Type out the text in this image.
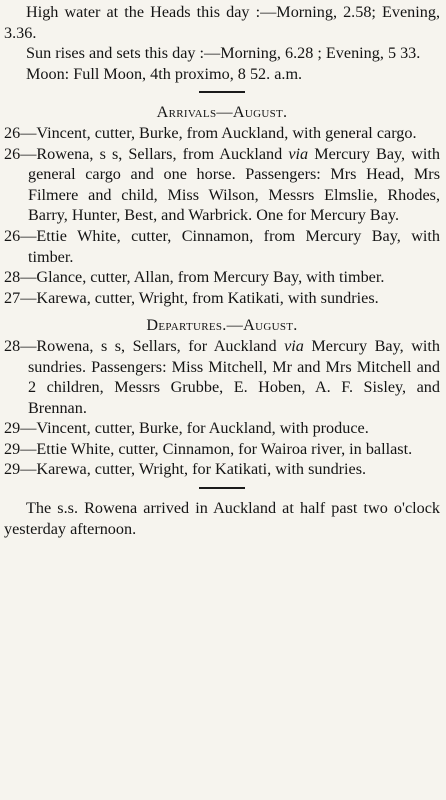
High water at the Heads this day :—Morning, 2.58; Evening, 3.36.

Sun rises and sets this day :—Morning, 6.28 ; Evening, 5 33.

Moon: Full Moon, 4th proximo, 8 52. a.m.

Arrivals—August.

26—Vincent, cutter, Burke, from Auckland, with general cargo.

26—Rowena, s s, Sellars, from Auckland via Mercury Bay, with general cargo and one horse. Passengers: Mrs Head, Mrs Filmere and child, Miss Wilson, Messrs Elmslie, Rhodes, Barry, Hunter, Best, and Warbrick. One for Mercury Bay.

26—Ettie White, cutter, Cinnamon, from Mercury Bay, with timber.

28—Glance, cutter, Allan, from Mercury Bay, with timber.

27—Karewa, cutter, Wright, from Katikati, with sundries.

Departures.—August.

28—Rowena, s s, Sellars, for Auckland via Mercury Bay, with sundries. Passengers: Miss Mitchell, Mr and Mrs Mitchell and 2 children, Messrs Grubbe, E. Hoben, A. F. Sisley, and Brennan.

29—Vincent, cutter, Burke, for Auckland, with produce.

29—Ettie White, cutter, Cinnamon, for Wairoa river, in ballast.

29—Karewa, cutter, Wright, for Katikati, with sundries.

The s.s. Rowena arrived in Auckland at half past two o'clock yesterday afternoon.
